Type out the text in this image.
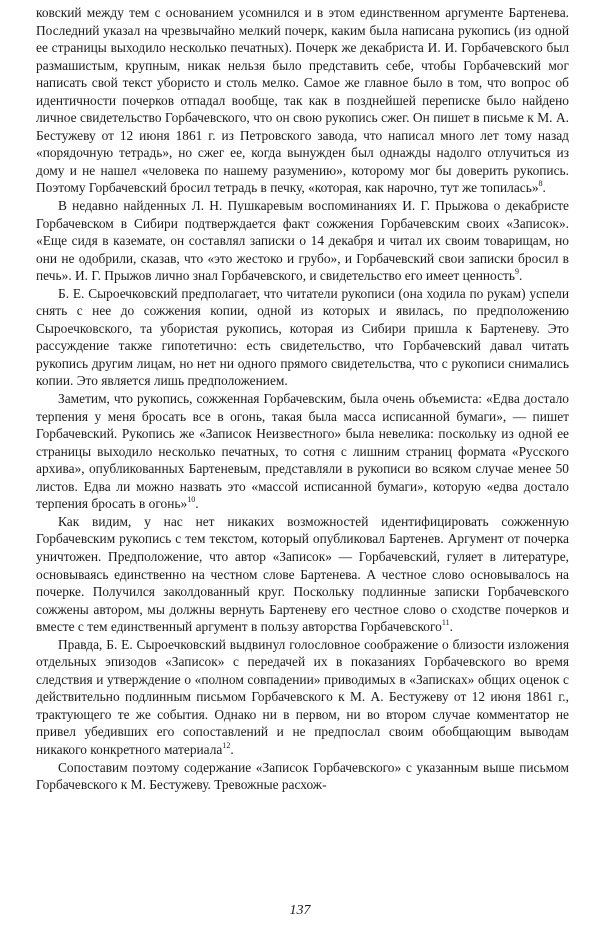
ковский между тем с основанием усомнился и в этом единственном аргументе Бартенева. Последний указал на чрезвычайно мелкий почерк, каким была написана рукопись (из одной ее страницы выходило несколько печатных). Почерк же декабриста И. И. Горбачевского был размашистым, крупным, никак нельзя было представить себе, чтобы Горбачевский мог написать свой текст убористо и столь мелко. Самое же главное было в том, что вопрос об идентичности почерков отпадал вообще, так как в позднейшей переписке было найдено личное свидетельство Горбачевского, что он свою рукопись сжег. Он пишет в письме к М. А. Бестужеву от 12 июня 1861 г. из Петровского завода, что написал много лет тому назад «порядочную тетрадь», но сжег ее, когда вынужден был однажды надолго отлучиться из дому и не нашел «человека по нашему разумению», которому мог бы доверить рукопись. Поэтому Горбачевский бросил тетрадь в печку, «которая, как нарочно, тут же топилась»$^8$.

В недавно найденных Л. Н. Пушкаревым воспоминаниях И. Г. Прыжова о декабристе Горбачевском в Сибири подтверждается факт сожжения Горбачевским своих «Записок». «Еще сидя в каземате, он составлял записки о 14 декабря и читал их своим товарищам, но они не одобрили, сказав, что «это жестоко и грубо», и Горбачевский свои записки бросил в печь». И. Г. Прыжов лично знал Горбачевского, и свидетельство его имеет ценность$^9$.

Б. Е. Сыроечковский предполагает, что читатели рукописи (она ходила по рукам) успели снять с нее до сожжения копии, одной из которых и явилась, по предположению Сыроечковского, та убористая рукопись, которая из Сибири пришла к Бартеневу. Это рассуждение также гипотетично: есть свидетельство, что Горбачевский давал читать рукопись другим лицам, но нет ни одного прямого свидетельства, что с рукописи снимались копии. Это является лишь предположением.

Заметим, что рукопись, сожженная Горбачевским, была очень объемиста: «Едва достало терпения у меня бросать все в огонь, такая была масса исписанной бумаги», — пишет Горбачевский. Рукопись же «Записок Неизвестного» была невелика: поскольку из одной ее страницы выходило несколько печатных, то сотня с лишним страниц формата «Русского архива», опубликованных Бартеневым, представляли в рукописи во всяком случае менее 50 листов. Едва ли можно назвать это «массой исписанной бумаги», которую «едва достало терпения бросать в огонь»$^{10}$.

Как видим, у нас нет никаких возможностей идентифицировать сожженную Горбачевским рукопись с тем текстом, который опубликовал Бартенев. Аргумент от почерка уничтожен. Предположение, что автор «Записок» — Горбачевский, гуляет в литературе, основываясь единственно на честном слове Бартенева. А честное слово основывалось на почерке. Получился заколдованный круг. Поскольку подлинные записки Горбачевского сожжены автором, мы должны вернуть Бартеневу его честное слово о сходстве почерков и вместе с тем единственный аргумент в пользу авторства Горбачевского$^{11}$.

Правда, Б. Е. Сыроечковский выдвинул голословное соображение о близости изложения отдельных эпизодов «Записок» с передачей их в показаниях Горбачевского во время следствия и утверждение о «полном совпадении» приводимых в «Записках» общих оценок с действительно подлинным письмом Горбачевского к М. А. Бестужеву от 12 июня 1861 г., трактующего те же события. Однако ни в первом, ни во втором случае комментатор не привел убедивших его сопоставлений и не предпослал своим обобщающим выводам никакого конкретного материала$^{12}$.

Сопоставим поэтому содержание «Записок Горбачевского» с указанным выше письмом Горбачевского к М. Бестужеву. Тревожные расхож-

137
